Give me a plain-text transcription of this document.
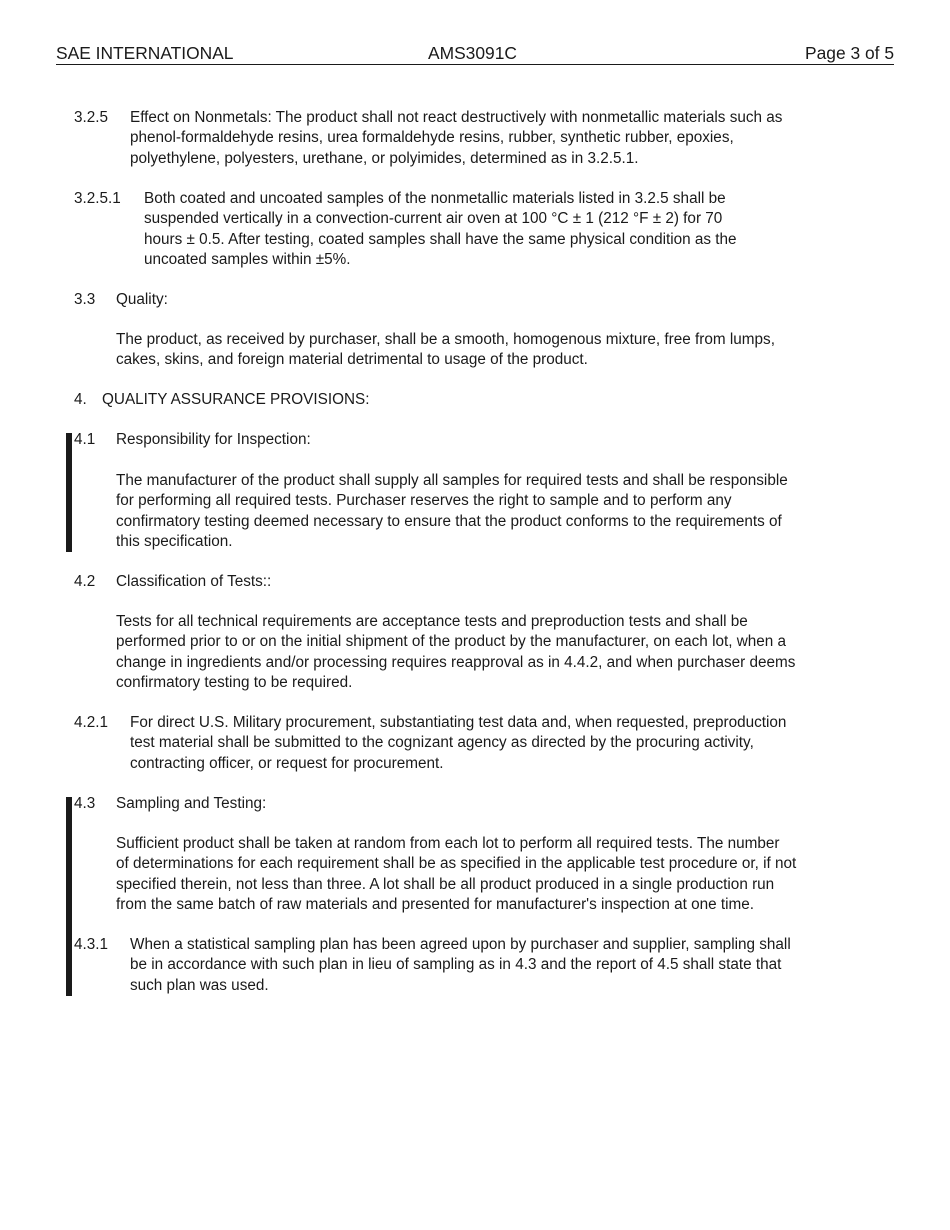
SAE INTERNATIONAL	AMS3091C	Page 3 of 5
3.2.5	Effect on Nonmetals: The product shall not react destructively with nonmetallic materials such as
phenol-formaldehyde resins, urea formaldehyde resins, rubber, synthetic rubber, epoxies,
polyethylene, polyesters, urethane, or polyimides, determined as in 3.2.5.1.
3.2.5.1	Both coated and uncoated samples of the nonmetallic materials listed in 3.2.5 shall be
suspended vertically in a convection-current air oven at 100 °C ± 1 (212 °F ± 2) for 70
hours ± 0.5. After testing, coated samples shall have the same physical condition as the
uncoated samples within ±5%.
3.3	Quality:

The product, as received by purchaser, shall be a smooth, homogenous mixture, free from lumps,
cakes, skins, and foreign material detrimental to usage of the product.

4. QUALITY ASSURANCE PROVISIONS:
4.1	Responsibility for Inspection:

The manufacturer of the product shall supply all samples for required tests and shall be responsible
for performing all required tests. Purchaser reserves the right to sample and to perform any
confirmatory testing deemed necessary to ensure that the product conforms to the requirements of
this specification.

4.2	Classification of Tests::

Tests for all technical requirements are acceptance tests and preproduction tests and shall be
performed prior to or on the initial shipment of the product by the manufacturer, on each lot, when a
change in ingredients and/or processing requires reapproval as in 4.4.2, and when purchaser deems
confirmatory testing to be required.

4.2.1	For direct U.S. Military procurement, substantiating test data and, when requested, preproduction
test material shall be submitted to the cognizant agency as directed by the procuring activity,
contracting officer, or request for procurement.
4.3	Sampling and Testing:

Sufficient product shall be taken at random from each lot to perform all required tests. The number
of determinations for each requirement shall be as specified in the applicable test procedure or, if not
specified therein, not less than three. A lot shall be all product produced in a single production run
from the same batch of raw materials and presented for manufacturer's inspection at one time.

4.3.1	When a statistical sampling plan has been agreed upon by purchaser and supplier, sampling shall
be in accordance with such plan in lieu of sampling as in 4.3 and the report of 4.5 shall state that
such plan was used.
